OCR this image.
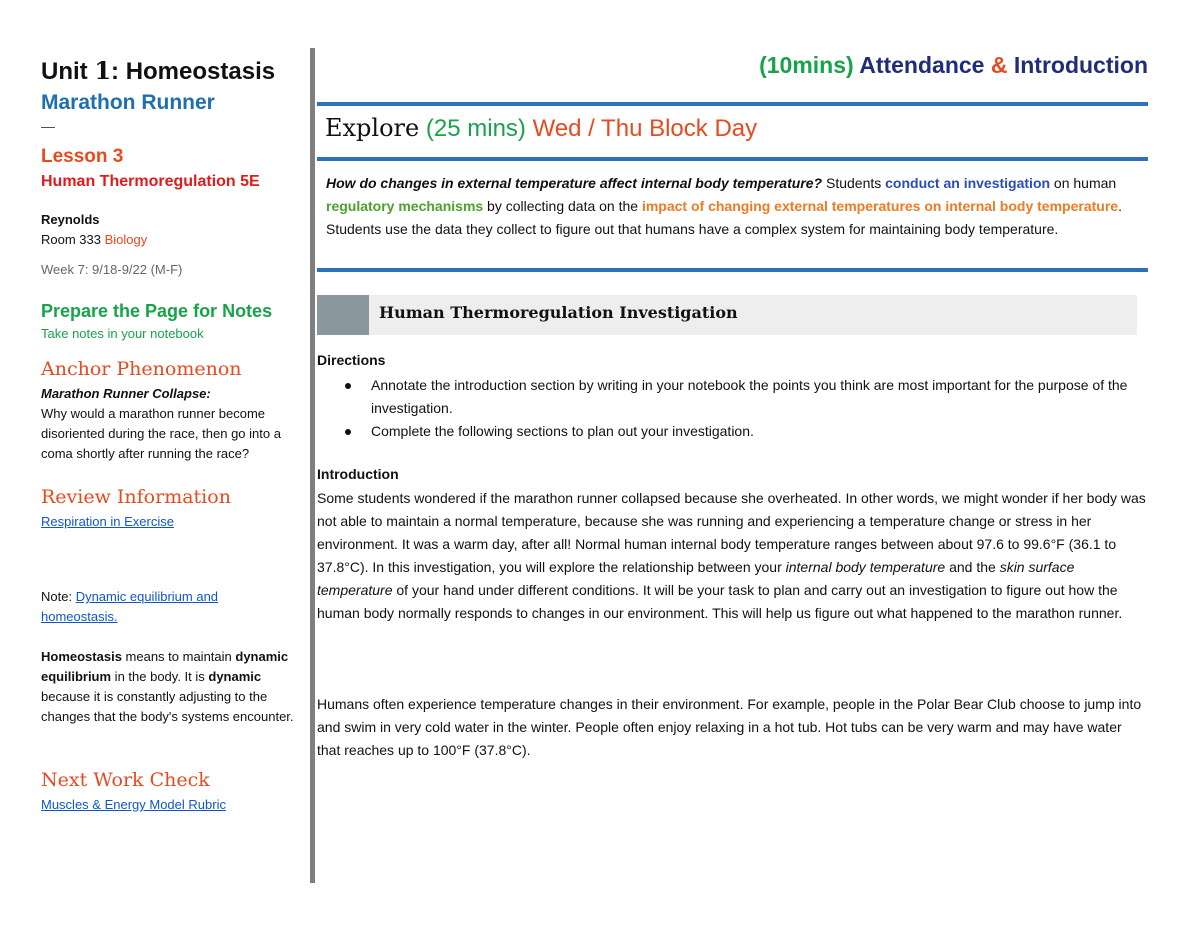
Unit 1: Homeostasis

Marathon Runner

—

Lesson 3

Human Thermoregulation 5E

Reynolds

Room 333 Biology

Week 7: 9/18-9/22 (M-F)

Prepare the Page for Notes

Take notes in your notebook

Anchor Phenomenon

Marathon Runner Collapse:

Why would a marathon runner become disoriented during the race, then go into a coma shortly after running the race?

Review Information

Respiration in Exercise

Note: Dynamic equilibrium and homeostasis.

Homeostasis means to maintain dynamic equilibrium in the body. It is dynamic because it is constantly adjusting to the changes that the body's systems encounter.

Next Work Check

Muscles & Energy Model Rubric

(10mins) Attendance & Introduction
Explore (25 mins) Wed / Thu Block Day

How do changes in external temperature affect internal body temperature? Students conduct an investigation on human regulatory mechanisms by collecting data on the impact of changing external temperatures on internal body temperature. Students use the data they collect to figure out that humans have a complex system for maintaining body temperature.

Human Thermoregulation Investigation

Directions

Annotate the introduction section by writing in your notebook the points you think are most important for the purpose of the investigation.
Complete the following sections to plan out your investigation.

Introduction

Some students wondered if the marathon runner collapsed because she overheated. In other words, we might wonder if her body was not able to maintain a normal temperature, because she was running and experiencing a temperature change or stress in her environment. It was a warm day, after all! Normal human internal body temperature ranges between about 97.6 to 99.6°F (36.1 to 37.8°C). In this investigation, you will explore the relationship between your internal body temperature and the skin surface temperature of your hand under different conditions. It will be your task to plan and carry out an investigation to figure out how the human body normally responds to changes in our environment. This will help us figure out what happened to the marathon runner.

Humans often experience temperature changes in their environment. For example, people in the Polar Bear Club choose to jump into and swim in very cold water in the winter. People often enjoy relaxing in a hot tub. Hot tubs can be very warm and may have water that reaches up to 100°F (37.8°C).
